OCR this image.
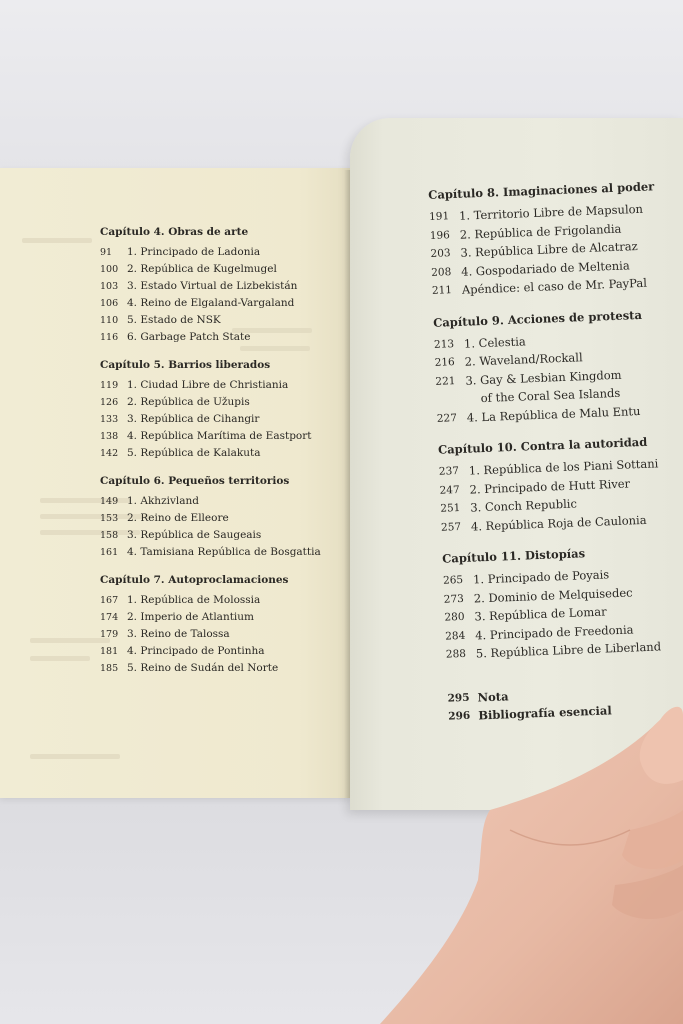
Capítulo 4. Obras de arte
91	1. Principado de Ladonia
100 2. República de Kugelmugel
103 3. Estado Virtual de Lizbekistán
106 4. Reino de Elgaland-Vargaland
110 5. Estado de NSK
116 6. Garbage Patch State
Capítulo 5. Barrios liberados
119 1. Ciudad Libre de Christiania
126 2. República de Užupis
133 3. República de Cihangir
138 4. República Marítima de Eastport
142 5. República de Kalakuta
Capítulo 6. Pequeños territorios
149 1. Akhzivland
153 2. Reino de Elleore
158 3. República de Saugeais
161 4. Tamisiana República de Bosgattia
Capítulo 7. Autoproclamaciones
167 1. República de Molossia
174 2. Imperio de Atlantium
179 3. Reino de Talossa
181 4. Principado de Pontinha
185 5. Reino de Sudán del Norte
Capítulo 8. Imaginaciones al poder
191 1. Territorio Libre de Mapsulon
196 2. República de Frigolandia
203 3. República Libre de Alcatraz
208 4. Gospodariado de Meltenia
211 Apéndice: el caso de Mr. PayPal
Capítulo 9. Acciones de protesta
213 1. Celestia
216 2. Waveland/Rockall
221 3. Gay & Lesbian Kingdom
of the Coral Sea Islands
227 4. La República de Malu Entu
Capítulo 10. Contra la autoridad
237 1. República de los Piani Sottani
247 2. Principado de Hutt River
251 3. Conch Republic
257 4. República Roja de Caulonia
Capítulo 11. Distopías
265 1. Principado de Poyais
273 2. Dominio de Melquisedec
280 3. República de Lomar
284 4. Principado de Freedonia
288 5. República Libre de Liberland
295 Nota
296 Bibliografía esencial
